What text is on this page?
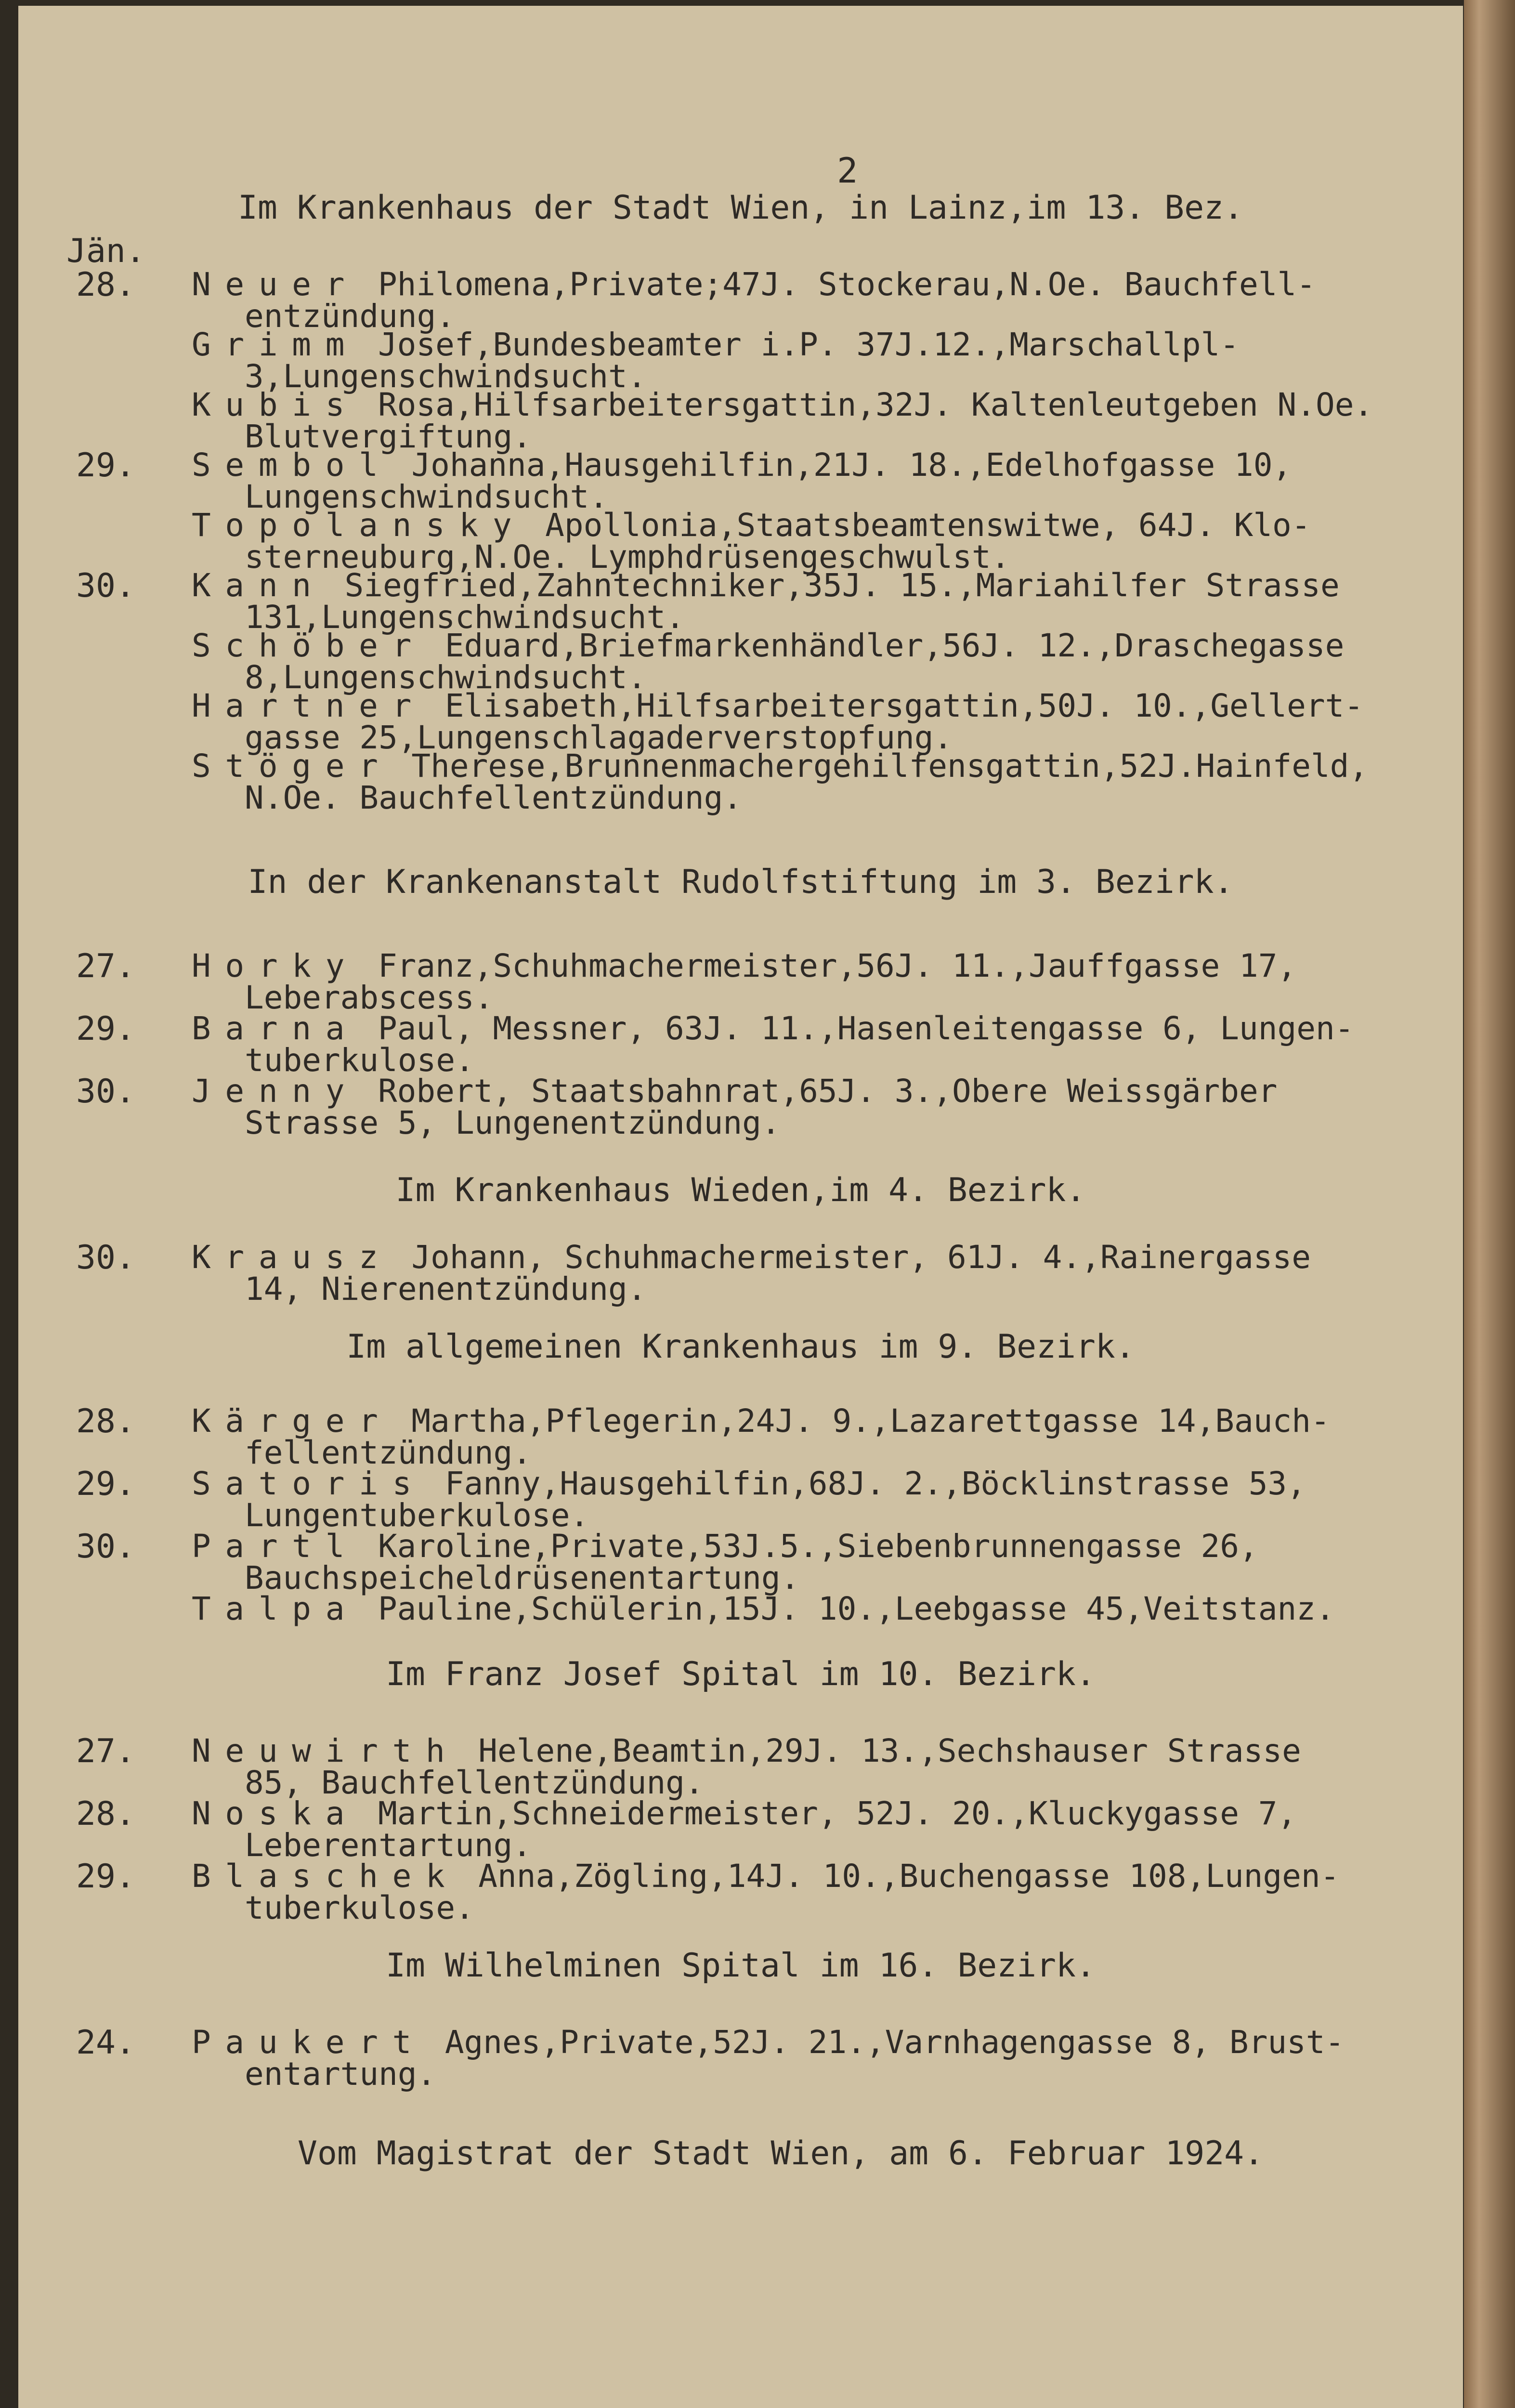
2
Im Krankenhaus der Stadt Wien, in Lainz,im 13. Bez.
Jän.
28. Neuer Philomena,Private;47J. Stockerau,N.Oe. Bauchfell-
entzündung.
Grimm Josef,Bundesbeamter i.P. 37J.12.,Marschallpl-
3,Lungenschwindsucht.
Kubis Rosa,Hilfsarbeitersgattin,32J. Kaltenleutgeben N.Oe.
Blutvergiftung.
29. Sembol Johanna,Hausgehilfin,21J. 18.,Edelhofgasse 10,
Lungenschwindsucht.
Topolansky Apollonia,Staatsbeamtenswitwe, 64J. Klo-
sterneuburg,N.Oe. Lymphdrüsengeschwulst.
30. Kann Siegfried,Zahntechniker,35J. 15.,Mariahilfer Strasse
131,Lungenschwindsucht.
Schöber Eduard,Briefmarkenhändler,56J. 12.,Draschegasse
8,Lungenschwindsucht.
Hartner Elisabeth,Hilfsarbeitersgattin,50J. 10.,Gellert-
gasse 25,Lungenschlagaderverstopfung.
Stöger Therese,Brunnenmachergehilfensgattin,52J.Hainfeld,
N.Oe. Bauchfellentzündung.
In der Krankenanstalt Rudolfstiftung im 3. Bezirk.
27. Horky Franz,Schuhmachermeister,56J. 11.,Jauffgasse 17,
Leberabscess.
29. Barna Paul, Messner, 63J. 11.,Hasenleitengasse 6, Lungen-
tuberkulose.
30. Jenny Robert, Staatsbahnrat,65J. 3.,Obere Weissgärber
Strasse 5, Lungenentzündung.
Im Krankenhaus Wieden,im 4. Bezirk.
30. Krausz Johann, Schuhmachermeister, 61J. 4.,Rainergasse
14, Nierenentzündung.
Im allgemeinen Krankenhaus im 9. Bezirk.
28. Kärger Martha,Pflegerin,24J. 9.,Lazarettgasse 14,Bauch-
fellentzündung.
29. Satoris Fanny,Hausgehilfin,68J. 2.,Böcklinstrasse 53,
Lungentuberkulose.
30. Partl Karoline,Private,53J.5.,Siebenbrunnengasse 26,
Bauchspeicheldrüsenentartung.
Talpa Pauline,Schülerin,15J. 10.,Leebgasse 45,Veitstanz.
Im Franz Josef Spital im 10. Bezirk.
27. Neuwirth Helene,Beamtin,29J. 13.,Sechshauser Strasse
85, Bauchfellentzündung.
28. Noska Martin,Schneidermeister, 52J. 20.,Kluckygasse 7,
Leberentartung.
29. Blaschek Anna,Zögling,14J. 10.,Buchengasse 108,Lungen-
tuberkulose.
Im Wilhelminen Spital im 16. Bezirk.
24. Paukert Agnes,Private,52J. 21.,Varnhagengasse 8, Brust-
entartung.
Vom Magistrat der Stadt Wien, am 6. Februar 1924.
